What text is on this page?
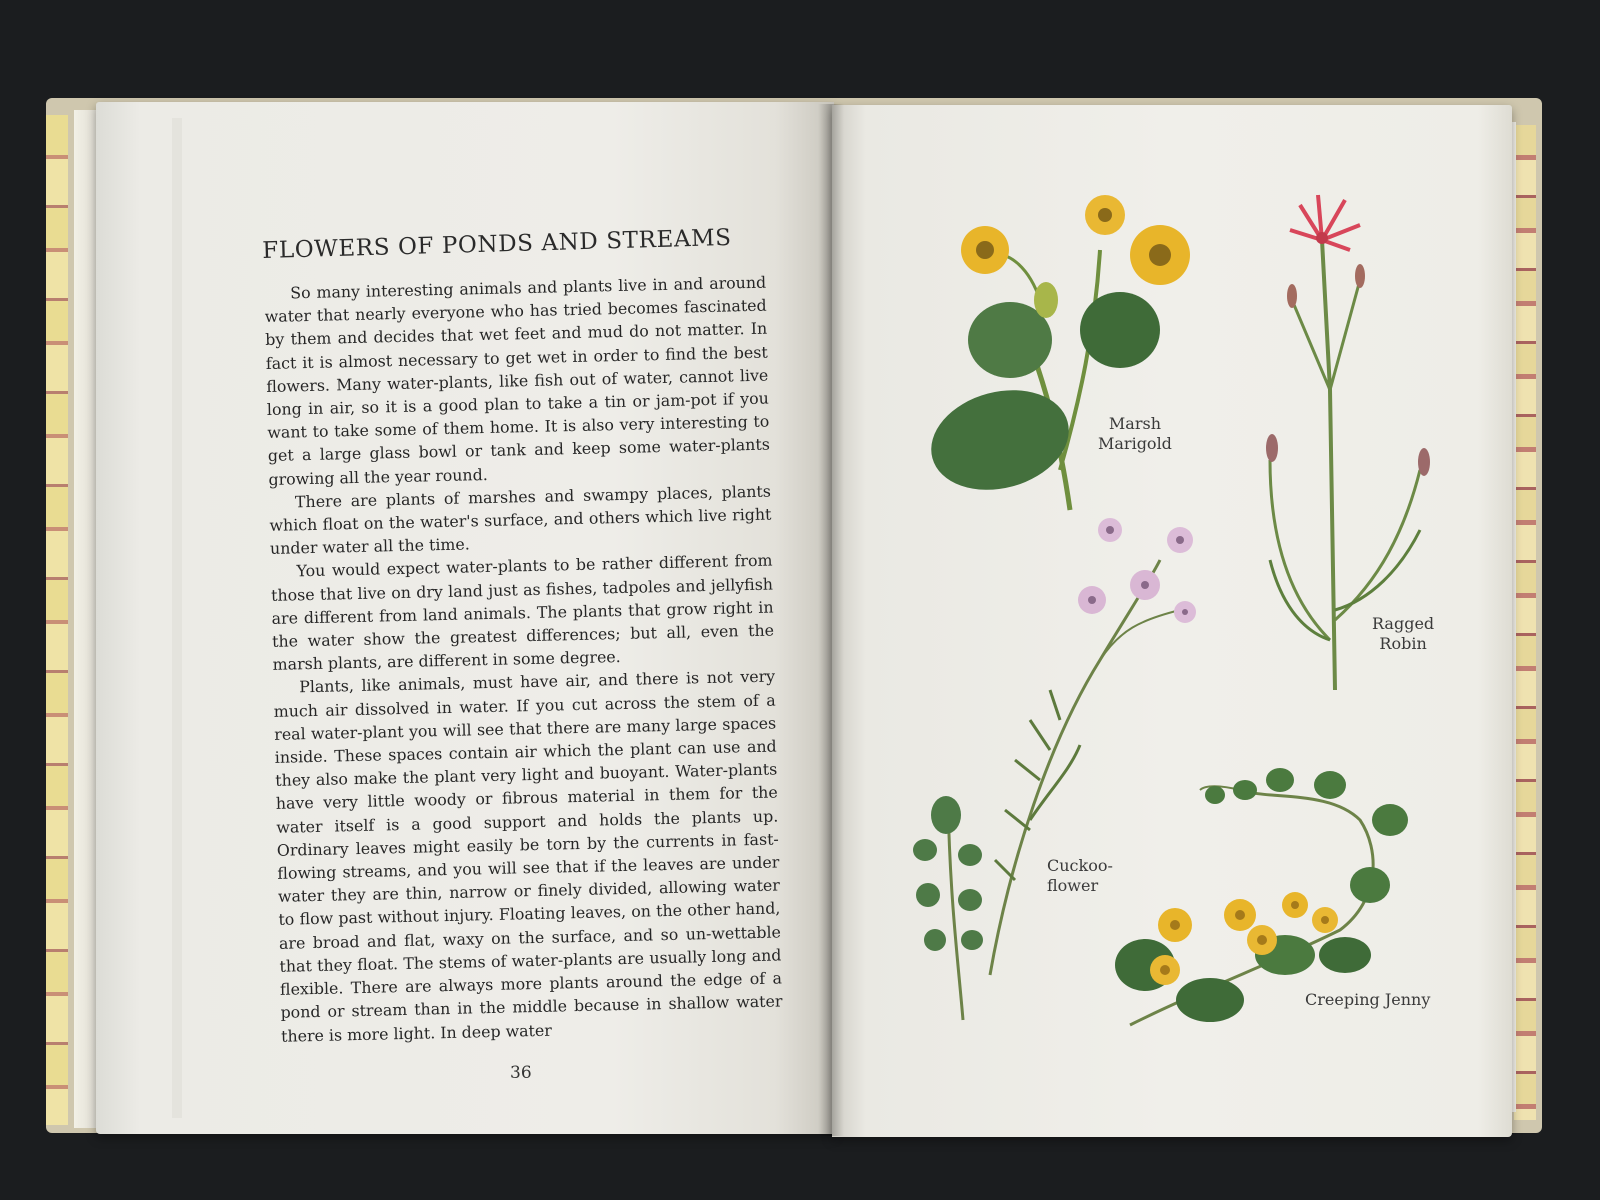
FLOWERS OF PONDS AND STREAMS

So many interesting animals and plants live in and around water that nearly everyone who has tried becomes fascinated by them and decides that wet feet and mud do not matter. In fact it is almost necessary to get wet in order to find the best flowers. Many water-plants, like fish out of water, cannot live long in air, so it is a good plan to take a tin or jam-pot if you want to take some of them home. It is also very interesting to get a large glass bowl or tank and keep some water-plants growing all the year round.

There are plants of marshes and swampy places, plants which float on the water's surface, and others which live right under water all the time.

You would expect water-plants to be rather different from those that live on dry land just as fishes, tadpoles and jellyfish are different from land animals. The plants that grow right in the water show the greatest differences; but all, even the marsh plants, are different in some degree.

Plants, like animals, must have air, and there is not very much air dissolved in water. If you cut across the stem of a real water-plant you will see that there are many large spaces inside. These spaces contain air which the plant can use and they also make the plant very light and buoyant. Water-plants have very little woody or fibrous material in them for the water itself is a good support and holds the plants up. Ordinary leaves might easily be torn by the currents in fast-flowing streams, and you will see that if the leaves are under water they are thin, narrow or finely divided, allowing water to flow past without injury. Floating leaves, on the other hand, are broad and flat, waxy on the surface, and so un-wettable that they float. The stems of water-plants are usually long and flexible. There are always more plants around the edge of a pond or stream than in the middle because in shallow water there is more light. In deep water

36
Marsh
Marigold
Ragged
Robin
Cuckoo-
flower
Creeping Jenny
